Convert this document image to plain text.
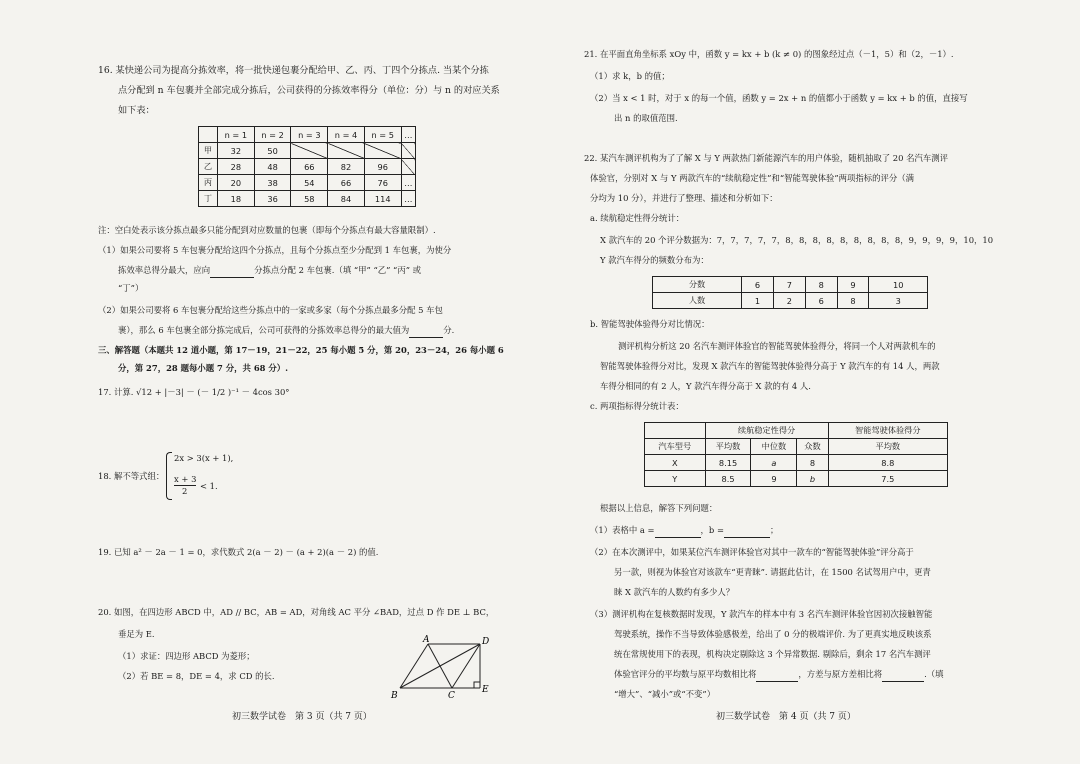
16. 某快递公司为提高分拣效率，将一批快递包裹分配给甲、乙、丙、丁四个分拣点. 当某个分拣
点分配到 n 车包裹并全部完成分拣后，公司获得的分拣效率得分（单位：分）与 n 的对应关系
如下表：
	n = 1	n = 2	n = 3	n = 4	n = 5	…
甲	32	50				
乙	28	48	66	82	96	
丙	20	38	54	66	76	…
丁	18	36	58	84	114	…
注：空白处表示该分拣点最多只能分配到对应数量的包裹（即每个分拣点有最大容量限制）.
（1）如果公司要将 5 车包裹分配给这四个分拣点，且每个分拣点至少分配到 1 车包裹，为使分
拣效率总得分最大，应向	分拣点分配 2 车包裹.（填 “甲” “乙” “丙” 或
“丁”）
（2）如果公司要将 6 车包裹分配给这些分拣点中的一家或多家（每个分拣点最多分配 5 车包
裹），那么 6 车包裹全部分拣完成后，公司可获得的分拣效率总得分的最大值为	分.
三、解答题（本题共 12 道小题，第 17－19，21－22，25 每小题 5 分，第 20，23－24，26 每小题 6
分，第 27，28 题每小题 7 分，共 68 分）.
17. 计算. √12 + |－3| － (－ 1/2 )⁻¹ － 4cos 30°
18. 解不等式组：
2x > 3(x + 1),
x + 3
2 < 1.
19. 已知 a² － 2a － 1 = 0，求代数式 2(a － 2) － (a + 2)(a － 2) 的值.
20. 如图，在四边形 ABCD 中，AD // BC，AB = AD，对角线 AC 平分 ∠BAD，过点 D 作 DE ⊥ BC，
垂足为 E.
（1）求证：四边形 ABCD 为菱形；
（2）若 BE = 8，DE = 4，求 CD 的长.
A	D
B	C
E
初三数学试卷　第 3 页（共 7 页）
21. 在平面直角坐标系 xOy 中，函数 y = kx + b (k ≠ 0) 的图象经过点（－1，5）和（2，－1）.
（1）求 k，b 的值；
（2）当 x < 1 时，对于 x 的每一个值，函数 y = 2x + n 的值都小于函数 y = kx + b 的值，直接写
出 n 的取值范围.
22. 某汽车测评机构为了了解 X 与 Y 两款热门新能源汽车的用户体验，随机抽取了 20 名汽车测评
体验官，分别对 X 与 Y 两款汽车的“续航稳定性”和“智能驾驶体验”两项指标的评分（满
分均为 10 分），并进行了整理、描述和分析如下：
a. 续航稳定性得分统计：
X 款汽车的 20 个评分数据为：7，7，7，7，7，8，8，8，8，8，8，8，8，8，9，9，9，9，10，10
Y 款汽车得分的频数分布为：
分数	6	7	8	9	10
人数	1	2	6	8	3
b. 智能驾驶体验得分对比情况：
测评机构分析这 20 名汽车测评体验官的智能驾驶体验得分，将同一个人对两款机车的
智能驾驶体验得分对比，发现 X 款汽车的智能驾驶体验得分高于 Y 款汽车的有 14 人，两款
车得分相同的有 2 人，Y 款汽车得分高于 X 款的有 4 人.
c. 两项指标得分统计表：
	续航稳定性得分			智能驾驶体验得分
汽车型号	平均数	中位数	众数	平均数
X	8.15	a	8	8.8
Y	8.5	9	b	7.5
根据以上信息，解答下列问题：
（1）表格中 a =	，b =	；
（2）在本次测评中，如果某位汽车测评体验官对其中一款车的“智能驾驶体验”评分高于
另一款，则视为体验官对该款车“更青睐”. 请据此估计，在 1500 名试驾用户中，更青
睐 X 款汽车的人数约有多少人？
（3）测评机构在复核数据时发现，Y 款汽车的样本中有 3 名汽车测评体验官因初次接触智能
驾驶系统，操作不当导致体验感极差，给出了 0 分的极端评价. 为了更真实地反映该系
统在常规使用下的表现，机构决定剔除这 3 个异常数据. 剔除后，剩余 17 名汽车测评
体验官评分的平均数与原平均数相比将	，方差与原方差相比将	.（填
“增大”、“减小”或“不变”）
初三数学试卷　第 4 页（共 7 页）
